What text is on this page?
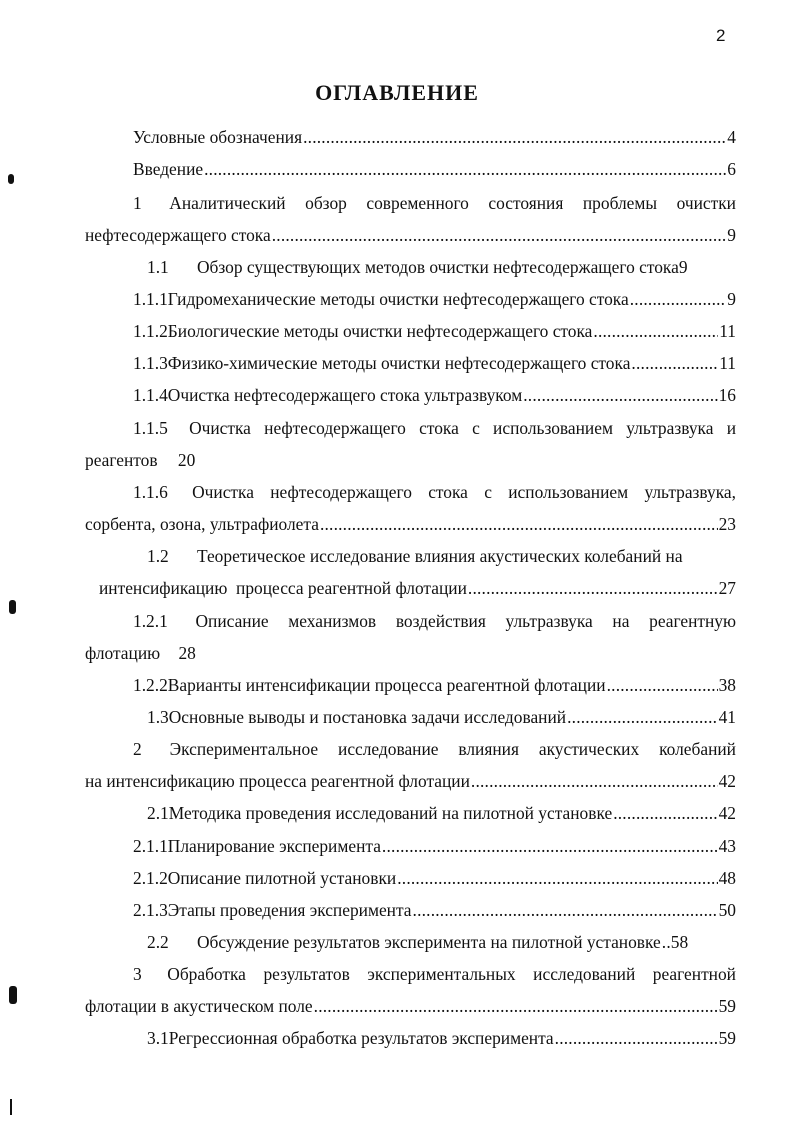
2
ОГЛАВЛЕНИЕ
Условные обозначения .....	4
Введение .....	6
1 Аналитический обзор современного состояния проблемы очистки
нефтесодержащего стока .....	9
1.1	Обзор существующих методов очистки нефтесодержащего стока 9
1.1.1 Гидромеханические методы очистки нефтесодержащего стока .....	9
1.1.2 Биологические методы очистки нефтесодержащего стока .....	11
1.1.3 Физико-химические методы очистки нефтесодержащего стока .....	11
1.1.4 Очистка нефтесодержащего стока ультразвуком .....	16
1.1.5 Очистка нефтесодержащего стока с использованием ультразвука и
реагентов 20
1.1.6 Очистка нефтесодержащего стока с использованием ультразвука,
сорбента, озона, ультрафиолета .....	23
1.2	Теоретическое исследование влияния акустических колебаний на
интенсификацию  процесса реагентной флотации .....	27
1.2.1 Описание механизмов воздействия ультразвука на реагентную
флотацию 28
1.2.2 Варианты интенсификации процесса реагентной флотации .....	38
1.3 Основные выводы и постановка задачи исследований .....	41
2 Экспериментальное исследование влияния акустических колебаний
на интенсификацию процесса реагентной флотации .....	42
2.1 Методика проведения исследований на пилотной установке .....	42
2.1.1 Планирование эксперимента .....	43
2.1.2 Описание пилотной установки .....	48
2.1.3 Этапы проведения эксперимента .....	50
2.2	Обсуждение результатов эксперимента на пилотной установке ..... 58
3 Обработка результатов экспериментальных исследований реагентной
флотации в акустическом поле .....	59
3.1 Регрессионная обработка результатов эксперимента .....	59
